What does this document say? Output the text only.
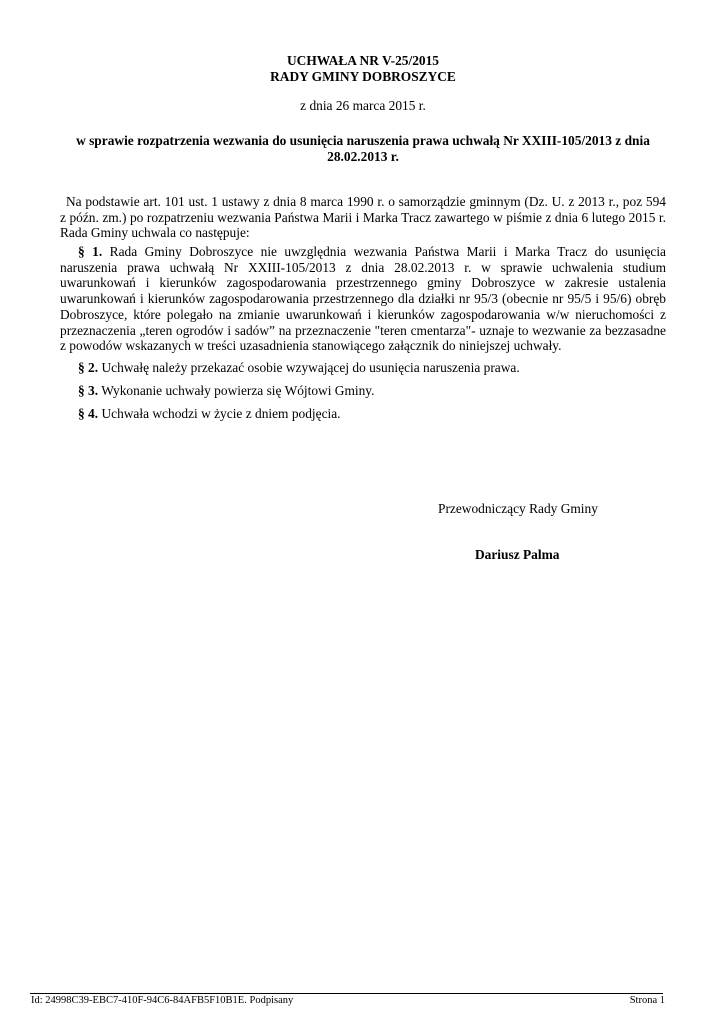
UCHWAŁA NR V-25/2015
RADY GMINY DOBROSZYCE
z dnia 26 marca 2015 r.
w sprawie rozpatrzenia wezwania do usunięcia naruszenia prawa uchwałą Nr XXIII-105/2013 z dnia 28.02.2013 r.
Na podstawie art. 101 ust. 1 ustawy z dnia 8 marca 1990 r. o samorządzie gminnym (Dz. U. z 2013 r., poz 594 z późn. zm.) po rozpatrzeniu wezwania Państwa Marii i Marka Tracz zawartego w piśmie z dnia 6 lutego 2015 r. Rada Gminy uchwala co następuje:
§ 1. Rada Gminy Dobroszyce nie uwzględnia wezwania Państwa Marii i Marka Tracz do usunięcia naruszenia prawa uchwałą Nr XXIII-105/2013 z dnia 28.02.2013 r. w sprawie uchwalenia studium uwarunkowań i kierunków zagospodarowania przestrzennego gminy Dobroszyce w zakresie ustalenia uwarunkowań i kierunków zagospodarowania przestrzennego dla działki nr 95/3 (obecnie nr 95/5 i 95/6) obręb Dobroszyce, które polegało na zmianie uwarunkowań i kierunków zagospodarowania w/w nieruchomości z przeznaczenia „teren ogrodów i sadów” na przeznaczenie "teren cmentarza"- uznaje to wezwanie za bezzasadne z powodów wskazanych w treści uzasadnienia stanowiącego załącznik do niniejszej uchwały.
§ 2. Uchwałę należy przekazać osobie wzywającej do usunięcia naruszenia prawa.
§ 3. Wykonanie uchwały powierza się Wójtowi Gminy.
§ 4. Uchwała wchodzi w życie z dniem podjęcia.
Przewodniczący Rady Gminy
Dariusz Palma
Id: 24998C39-EBC7-410F-94C6-84AFB5F10B1E. Podpisany	Strona 1
